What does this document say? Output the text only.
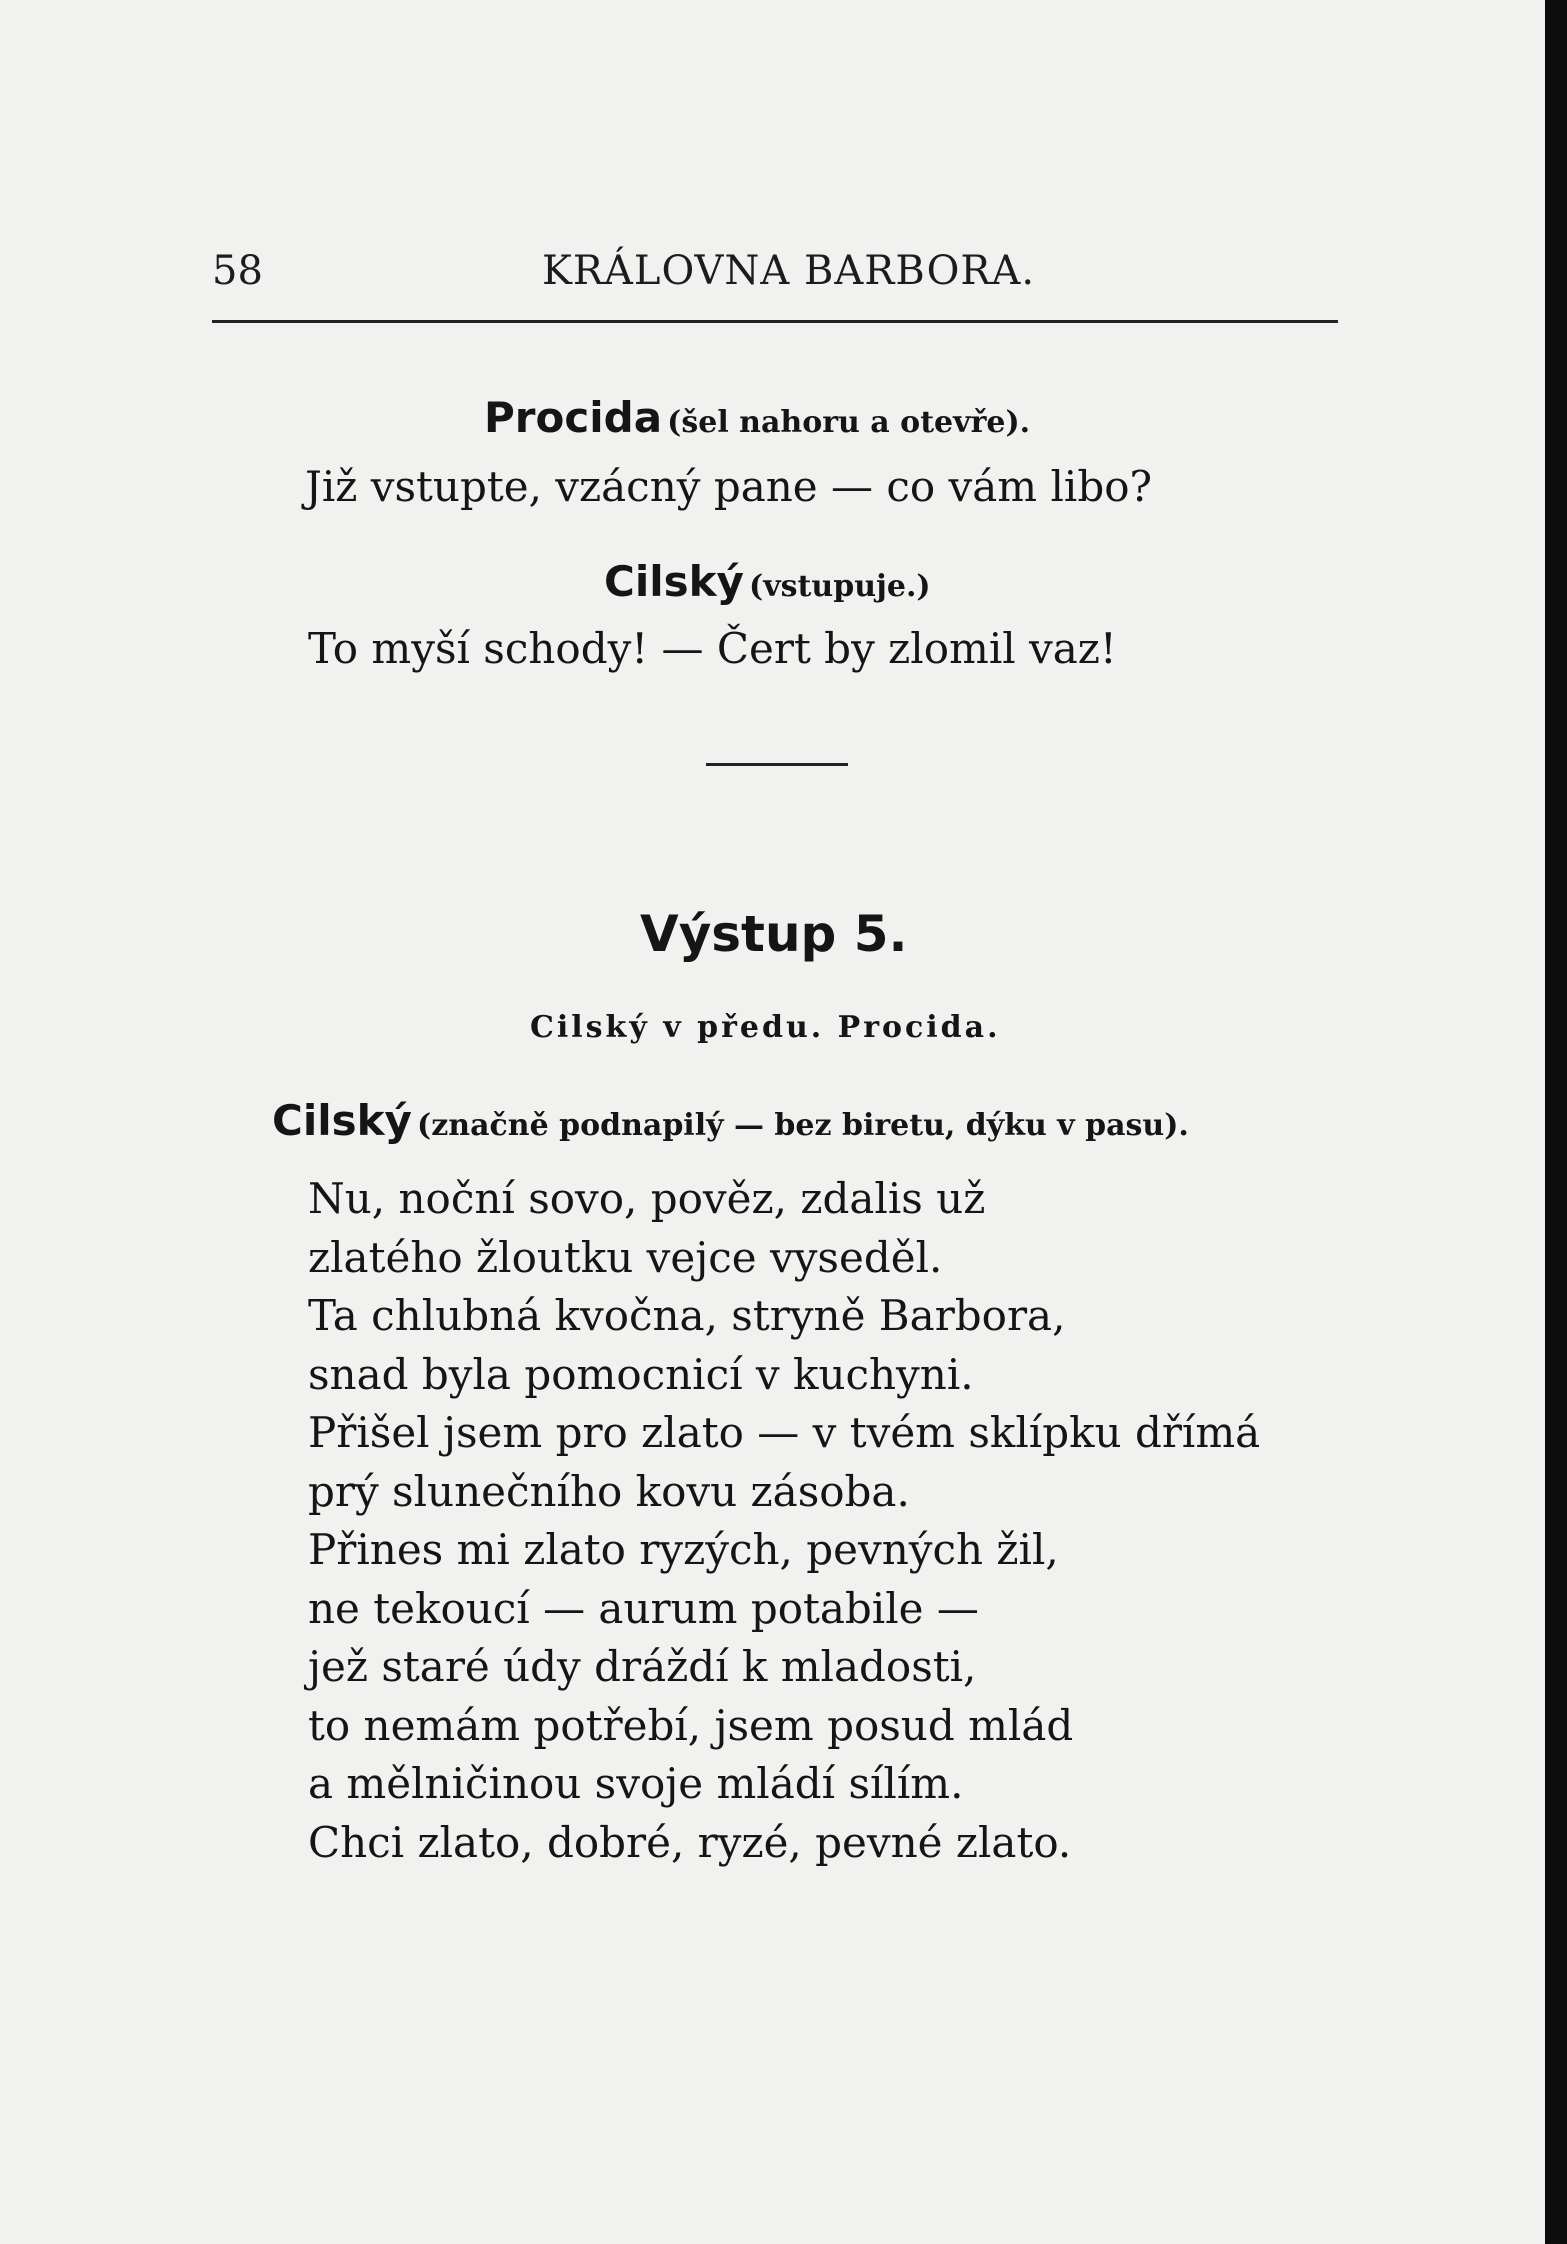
58	KRÁLOVNA BARBORA.
Procida (šel nahoru a otevře).
Již vstupte, vzácný pane — co vám libo?
Cilský (vstupuje.)
To myší schody! — Čert by zlomil vaz!
Výstup 5.
Cilský v předu. Procida.
Cilský (značně podnapilý — bez biretu, dýku v pasu).
Nu, noční sovo, pověz, zdalis už
zlatého žloutku vejce vyseděl.
Ta chlubná kvočna, stryně Barbora,
snad byla pomocnicí v kuchyni.
Přišel jsem pro zlato — v tvém sklípku dřímá
prý slunečního kovu zásoba.
Přines mi zlato ryzých, pevných žil,
ne tekoucí — aurum potabile —
jež staré údy dráždí k mladosti,
to nemám potřebí, jsem posud mlád
a mělničinou svoje mládí sílím.
Chci zlato, dobré, ryzé, pevné zlato.
